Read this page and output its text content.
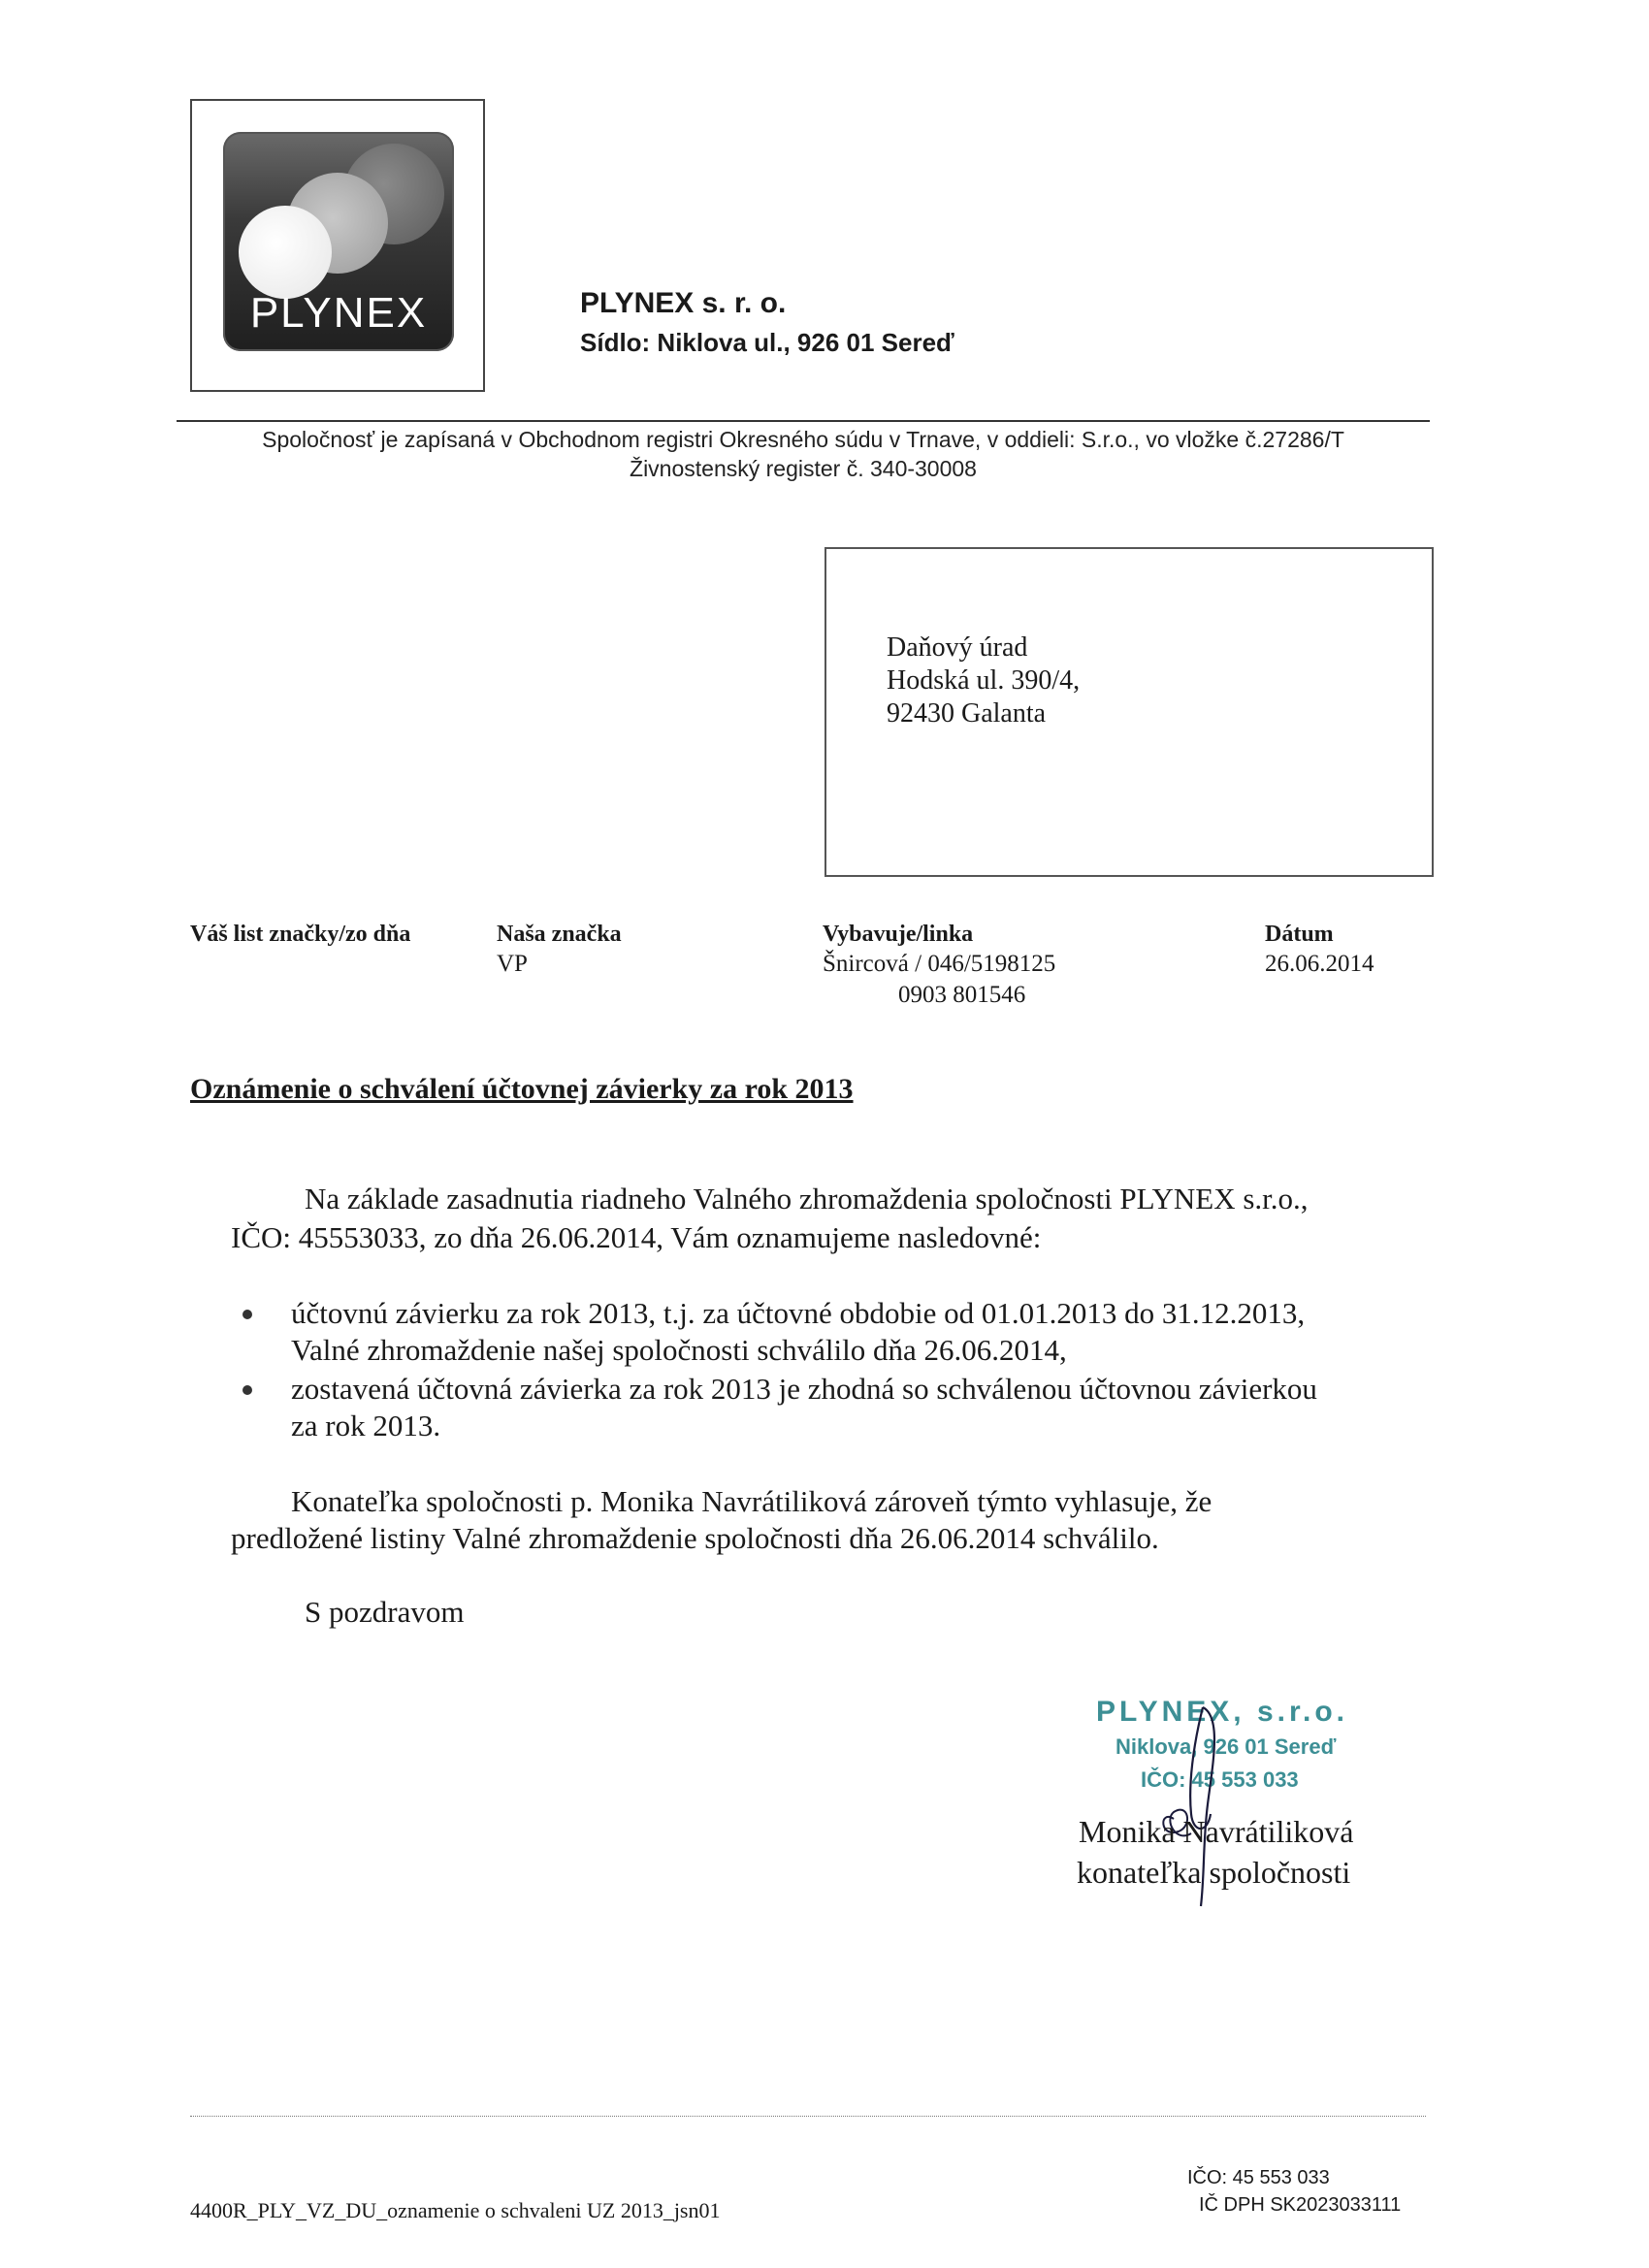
PLYNEX	PLYNEX s. r. o.
Sídlo: Niklova ul., 926 01 Sereď
Spoločnosť je zapísaná v Obchodnom registri Okresného súdu v Trnave, v oddieli: S.r.o., vo vložke č.27286/T
Živnostenský register č. 340-30008
Daňový úrad
Hodská ul. 390/4,
92430 Galanta
Váš list značky/zo dňa	Naša značka
VP
Vybavuje/linka
Šnircová / 046/5198125
0903 801546
Dátum
26.06.2014
Oznámenie o schválení účtovnej závierky za rok 2013
Na základe zasadnutia riadneho Valného zhromaždenia spoločnosti PLYNEX s.r.o.,
IČO: 45553033, zo dňa 26.06.2014, Vám oznamujeme nasledovné:
účtovnú závierku za rok 2013, t.j. za účtovné obdobie od 01.01.2013 do 31.12.2013,
Valné zhromaždenie našej spoločnosti schválilo dňa 26.06.2014,
zostavená účtovná závierka za rok 2013 je zhodná so schválenou účtovnou závierkou
za rok 2013.
Konateľka spoločnosti p. Monika Navrátiliková zároveň týmto vyhlasuje, že
predložené listiny Valné zhromaždenie spoločnosti dňa 26.06.2014 schválilo.
S pozdravom
PLYNEX, s.r.o.
Niklova, 926 01 Sereď
IČO: 45 553 033
Monika Navrátiliková
konateľka spoločnosti
4400R_PLY_VZ_DU_oznamenie o schvaleni UZ 2013_jsn01
IČO: 45 553 033
IČ DPH SK2023033111
